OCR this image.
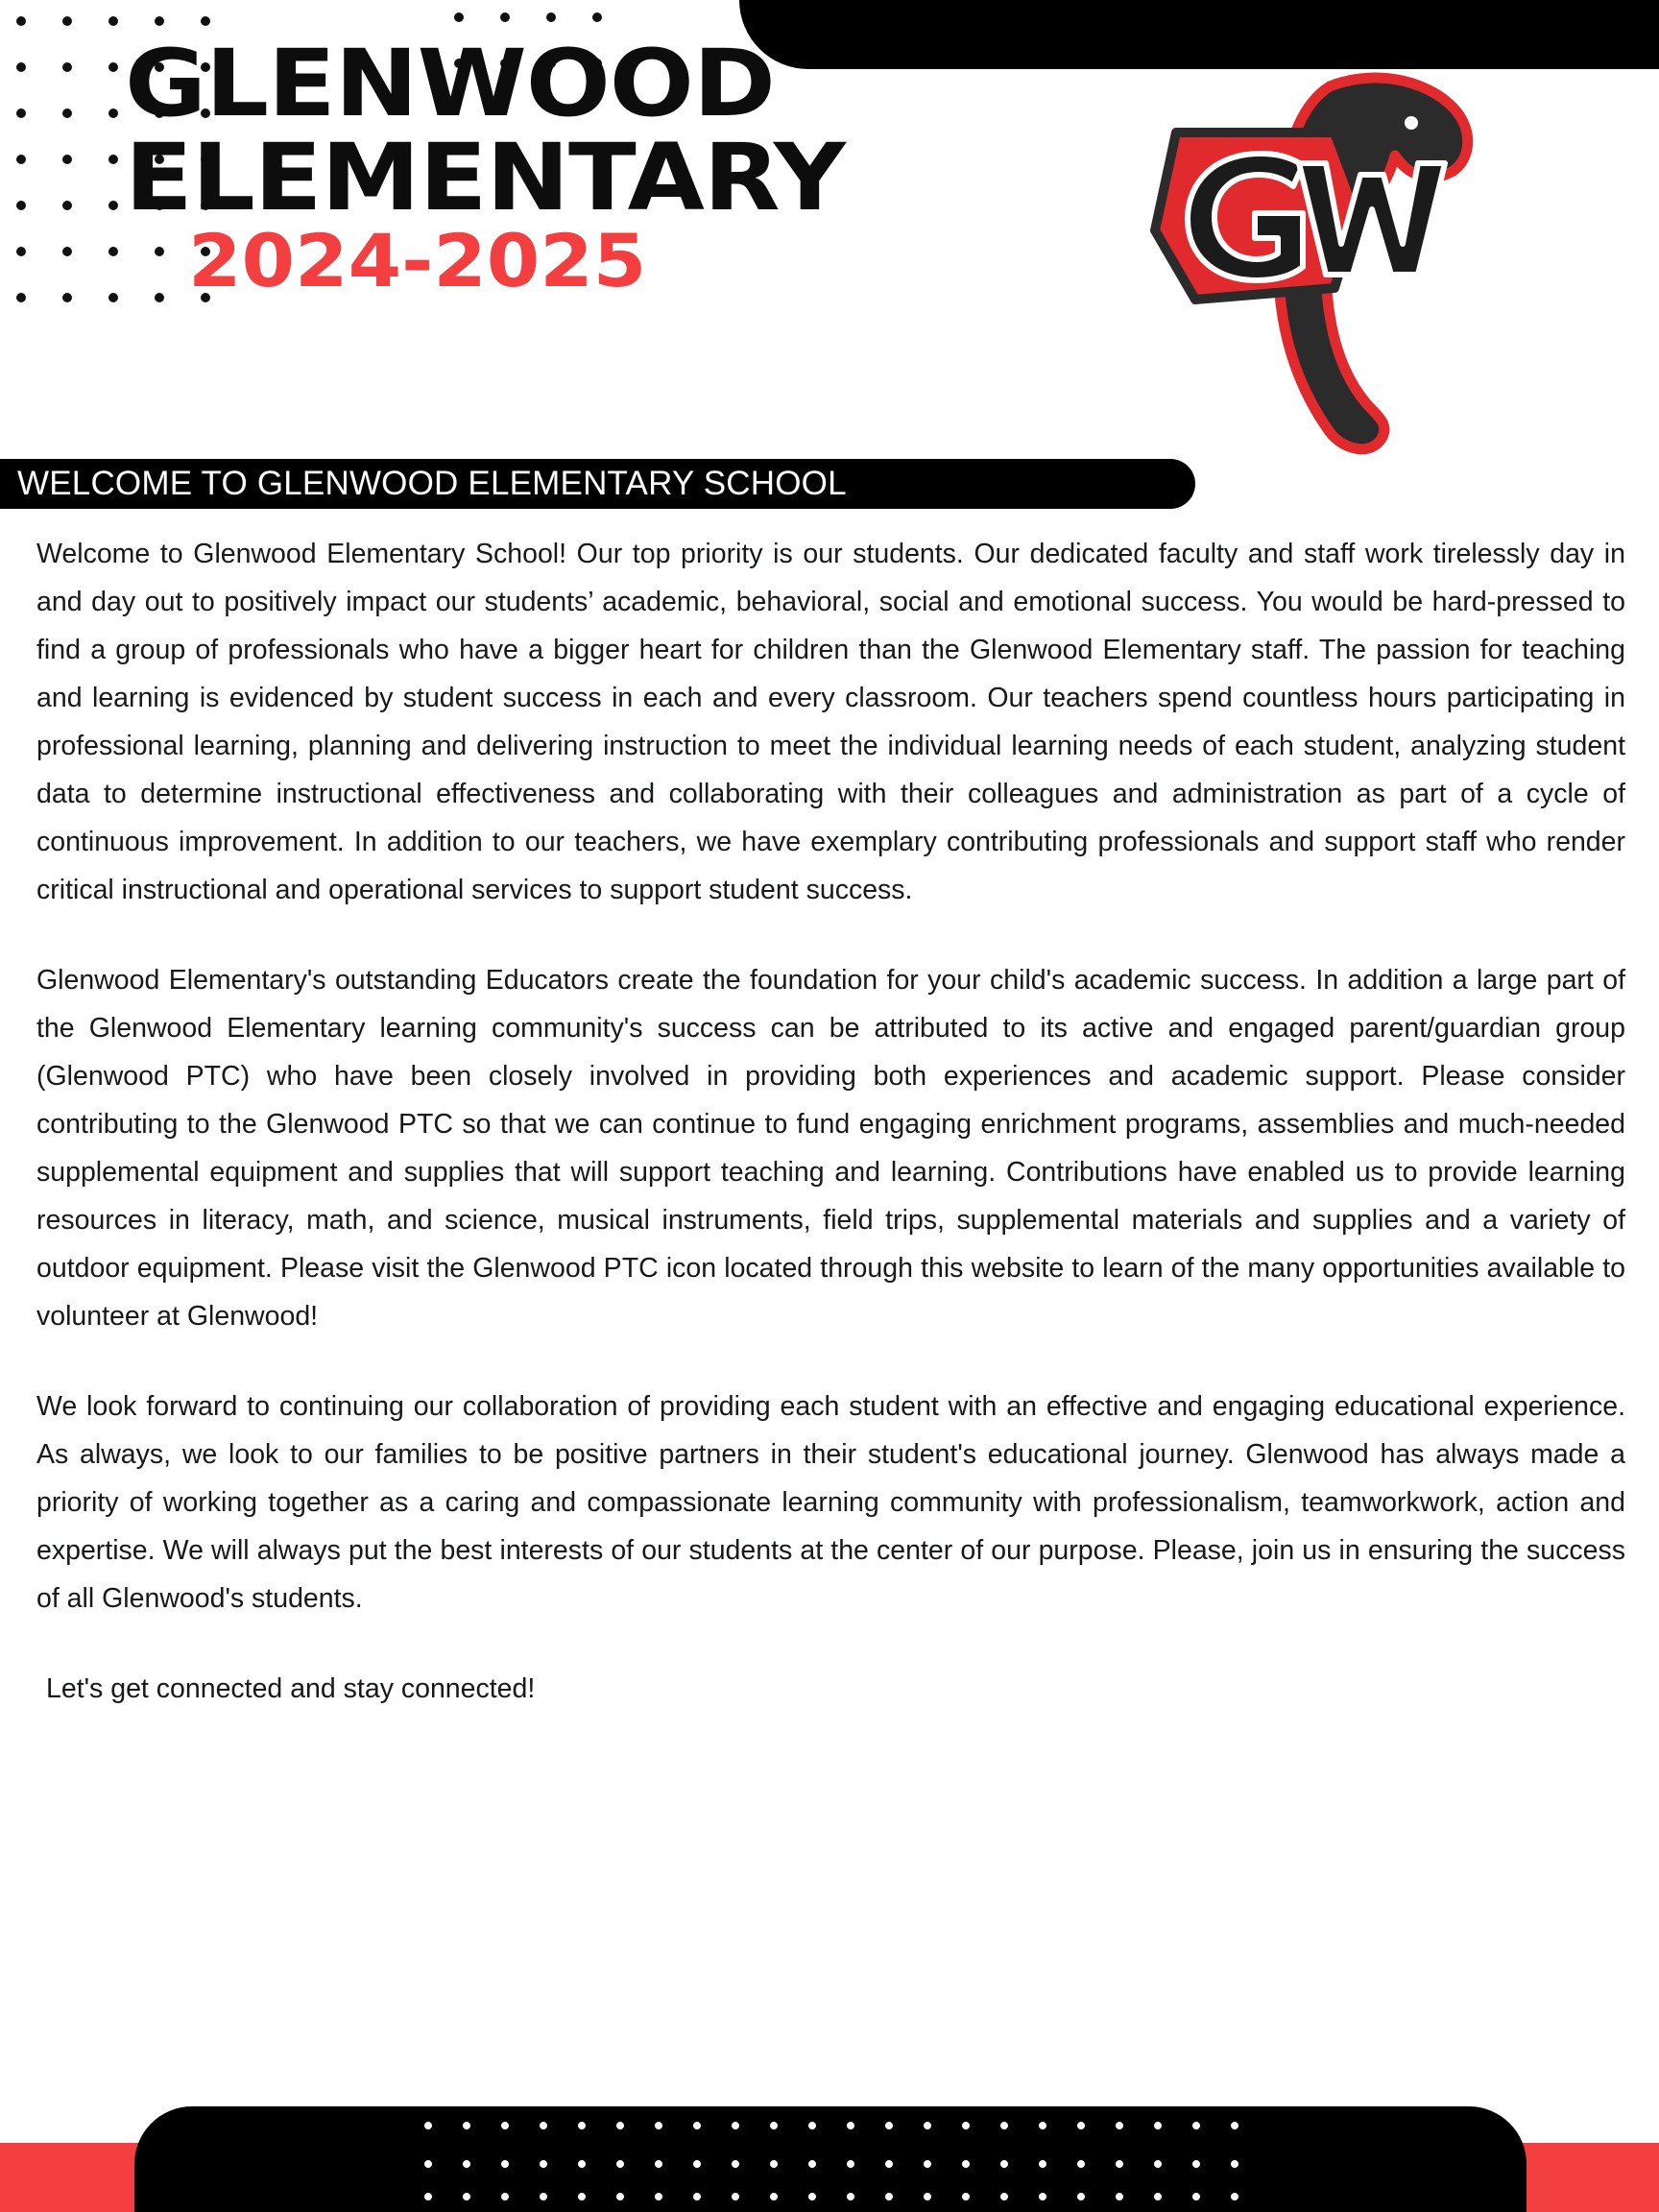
GLENWOOD
ELEMENTARY
2024-2025
WELCOME TO GLENWOOD ELEMENTARY SCHOOL

Welcome to Glenwood Elementary School! Our top priority is our students. Our dedicated faculty and staff work tirelessly day in and day out to positively impact our students’ academic, behavioral, social and emotional success. You would be hard-pressed to find a group of professionals who have a bigger heart for children than the Glenwood Elementary staff. The passion for teaching and learning is evidenced by student success in each and every classroom. Our teachers spend countless hours participating in professional learning, planning and delivering instruction to meet the individual learning needs of each student, analyzing student data to determine instructional effectiveness and collaborating with their colleagues and administration as part of a cycle of continuous improvement. In addition to our teachers, we have exemplary contributing professionals and support staff who render critical instructional and operational services to support student success.

Glenwood Elementary's outstanding Educators create the foundation for your child's academic success. In addition a large part of the Glenwood Elementary learning community's success can be attributed to its active and engaged parent/guardian group (Glenwood PTC) who have been closely involved in providing both experiences and academic support. Please consider contributing to the Glenwood PTC so that we can continue to fund engaging enrichment programs, assemblies and much-needed supplemental equipment and supplies that will support teaching and learning. Contributions have enabled us to provide learning resources in literacy, math, and science, musical instruments, field trips, supplemental materials and supplies and a variety of outdoor equipment. Please visit the Glenwood PTC icon located through this website to learn of the many opportunities available to volunteer at Glenwood!

We look forward to continuing our collaboration of providing each student with an effective and engaging educational experience. As always, we look to our families to be positive partners in their student's educational journey. Glenwood has always made a priority of working together as a caring and compassionate learning community with professionalism, teamworkwork, action and expertise. We will always put the best interests of our students at the center of our purpose. Please, join us in ensuring the success of all Glenwood's students.

Let's get connected and stay connected!
